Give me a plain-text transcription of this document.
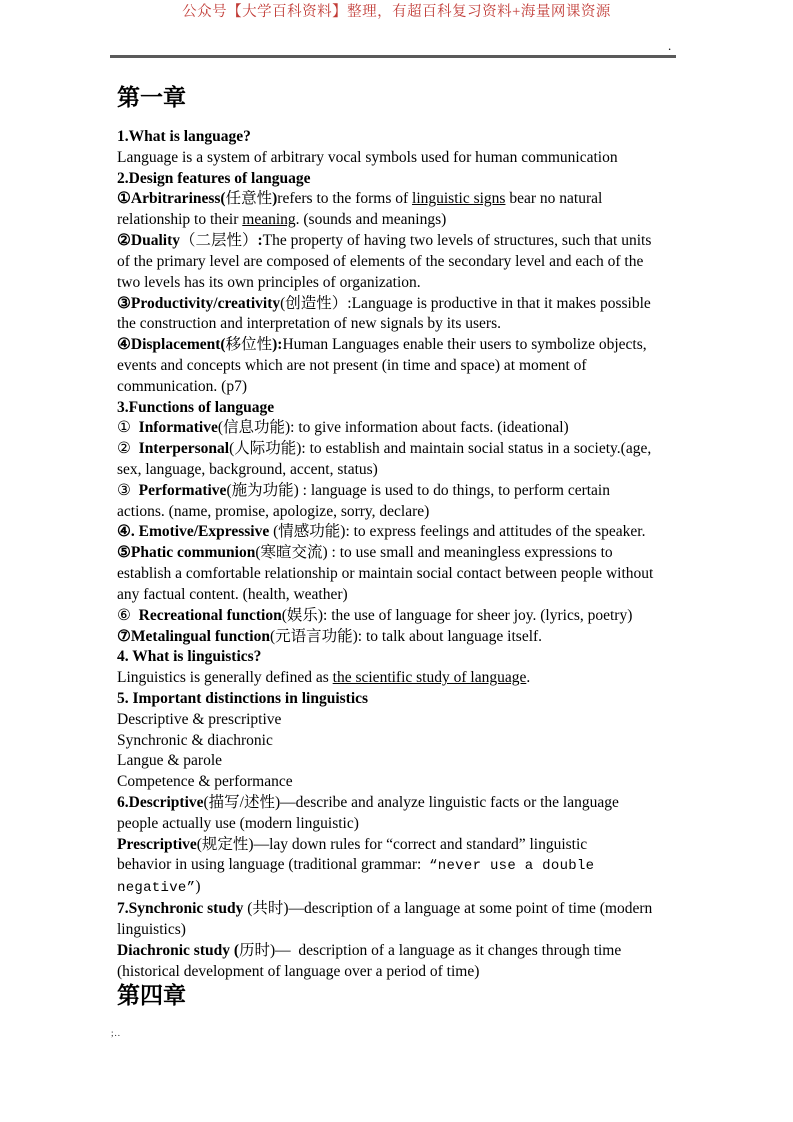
公众号【大学百科资料】整理，有超百科复习资料+海量网课资源
.
第一章
1.What is language?
Language is a system of arbitrary vocal symbols used for human communication
2.Design features of language
①Arbitrariness(任意性)refers to the forms of linguistic signs bear no natural
relationship to their meaning. (sounds and meanings)
②Duality（二层性）:The property of having two levels of structures, such that units
of the primary level are composed of elements of the secondary level and each of the
two levels has its own principles of organization.
③Productivity/creativity(创造性）:Language is productive in that it makes possible
the construction and interpretation of new signals by its users.
④Displacement(移位性):Human Languages enable their users to symbolize objects,
events and concepts which are not present (in time and space) at moment of
communication. (p7)
3.Functions of language
①  Informative(信息功能): to give information about facts. (ideational)
②  Interpersonal(人际功能): to establish and maintain social status in a society.(age,
sex, language, background, accent, status)
③  Performative(施为功能) : language is used to do things, to perform certain
actions. (name, promise, apologize, sorry, declare)
④. Emotive/Expressive (情感功能): to express feelings and attitudes of the speaker.
⑤Phatic communion(寒暄交流) : to use small and meaningless expressions to
establish a comfortable relationship or maintain social contact between people without
any factual content. (health, weather)
⑥  Recreational function(娱乐): the use of language for sheer joy. (lyrics, poetry)
⑦Metalingual function(元语言功能): to talk about language itself.
4. What is linguistics?
Linguistics is generally defined as the scientific study of language.
5. Important distinctions in linguistics
Descriptive & prescriptive
Synchronic & diachronic
Langue & parole
Competence & performance
6.Descriptive(描写/述性)—describe and analyze linguistic facts or the language
people actually use (modern linguistic)
Prescriptive(规定性)—lay down rules for “correct and standard” linguistic
behavior in using language (traditional grammar:  “never use a double negative”)
7.Synchronic study (共时)—description of a language at some point of time (modern
linguistics)
Diachronic study (历时)—  description of a language as it changes through time
(historical development of language over a period of time)
第四章
;..
